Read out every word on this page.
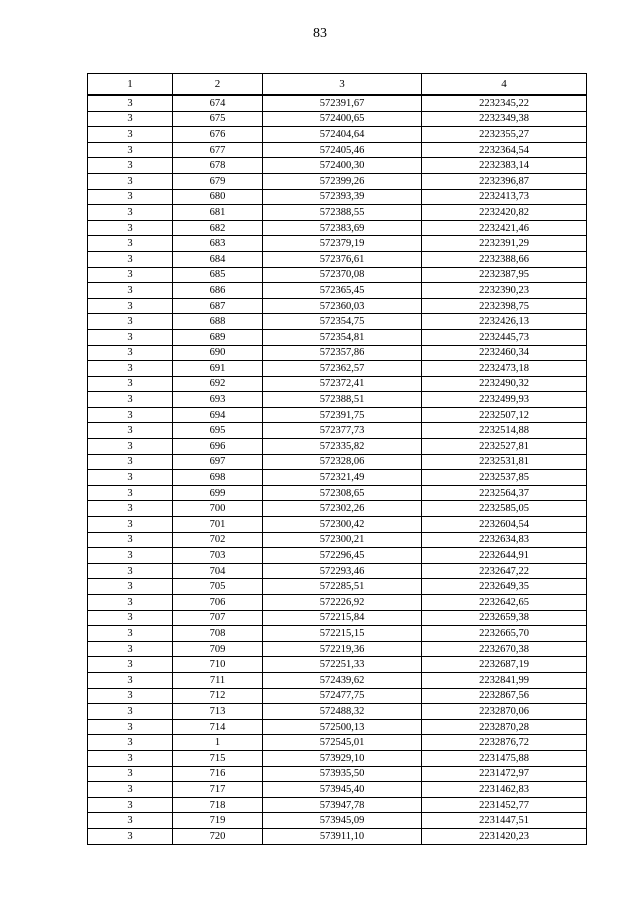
83
1	2	3	4
3	674	572391,67	2232345,22
3	675	572400,65	2232349,38
3	676	572404,64	2232355,27
3	677	572405,46	2232364,54
3	678	572400,30	2232383,14
3	679	572399,26	2232396,87
3	680	572393,39	2232413,73
3	681	572388,55	2232420,82
3	682	572383,69	2232421,46
3	683	572379,19	2232391,29
3	684	572376,61	2232388,66
3	685	572370,08	2232387,95
3	686	572365,45	2232390,23
3	687	572360,03	2232398,75
3	688	572354,75	2232426,13
3	689	572354,81	2232445,73
3	690	572357,86	2232460,34
3	691	572362,57	2232473,18
3	692	572372,41	2232490,32
3	693	572388,51	2232499,93
3	694	572391,75	2232507,12
3	695	572377,73	2232514,88
3	696	572335,82	2232527,81
3	697	572328,06	2232531,81
3	698	572321,49	2232537,85
3	699	572308,65	2232564,37
3	700	572302,26	2232585,05
3	701	572300,42	2232604,54
3	702	572300,21	2232634,83
3	703	572296,45	2232644,91
3	704	572293,46	2232647,22
3	705	572285,51	2232649,35
3	706	572226,92	2232642,65
3	707	572215,84	2232659,38
3	708	572215,15	2232665,70
3	709	572219,36	2232670,38
3	710	572251,33	2232687,19
3	711	572439,62	2232841,99
3	712	572477,75	2232867,56
3	713	572488,32	2232870,06
3	714	572500,13	2232870,28
3	1	572545,01	2232876,72
3	715	573929,10	2231475,88
3	716	573935,50	2231472,97
3	717	573945,40	2231462,83
3	718	573947,78	2231452,77
3	719	573945,09	2231447,51
3	720	573911,10	2231420,23
